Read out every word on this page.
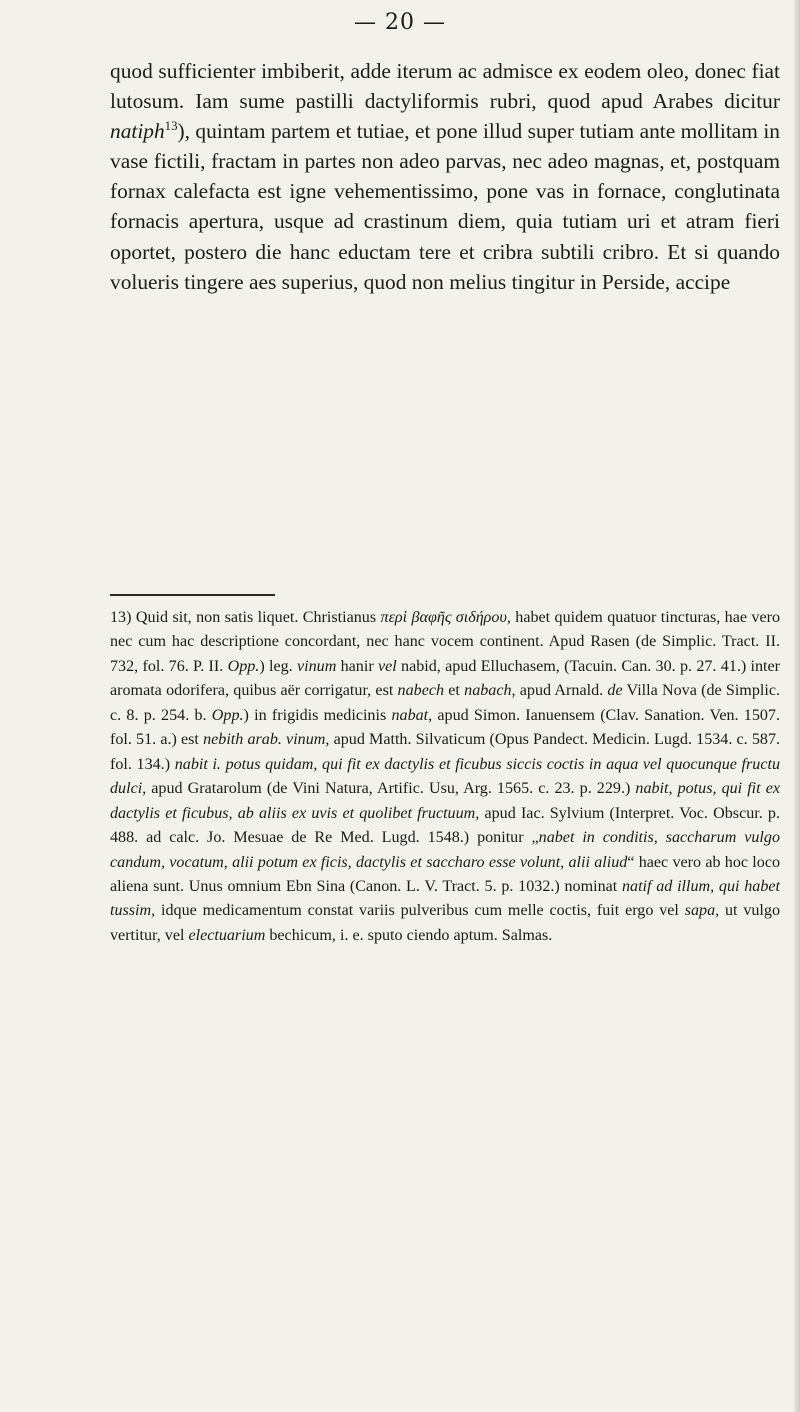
— 20 —
quod sufficienter imbiberit, adde iterum ac admisce ex eodem oleo, donec fiat lutosum. Iam sume pastilli dactyliformis rubri, quod apud Arabes dicitur natiph$^{13}$), quintam partem et tutiae, et pone illud super tutiam ante mollitam in vase fictili, fractam in partes non adeo parvas, nec adeo magnas, et, postquam fornax calefacta est igne vehementissimo, pone vas in fornace, conglutinata fornacis apertura, usque ad crastinum diem, quia tutiam uri et atram fieri oportet, postero die hanc eductam tere et cribra subtili cribro. Et si quando volueris tingere aes superius, quod non melius tingitur in Perside, accipe
13) Quid sit, non satis liquet. Christianus περὶ βαφῆς σιδήρου, habet quidem quatuor tincturas, hae vero nec cum hac descriptione concordant, nec hanc vocem continent. Apud Rasen (de Simplic. Tract. II. 732, fol. 76. P. II. Opp.) leg. vinum hanir vel nabid, apud Elluchasem, (Tacuin. Can. 30. p. 27. 41.) inter aromata odorifera, quibus aër corrigatur, est nabech et nabach, apud Arnald. de Villa Nova (de Simplic. c. 8. p. 254. b. Opp.) in frigidis medicinis nabat, apud Simon. Ianuensem (Clav. Sanation. Ven. 1507. fol. 51. a.) est nebith arab. vinum, apud Matth. Silvaticum (Opus Pandect. Medicin. Lugd. 1534. c. 587. fol. 134.) nabit i. potus quidam, qui fit ex dactylis et ficubus siccis coctis in aqua vel quocunque fructu dulci, apud Gratarolum (de Vini Natura, Artific. Usu, Arg. 1565. c. 23. p. 229.) nabit, potus, qui fit ex dactylis et ficubus, ab aliis ex uvis et quolibet fructuum, apud Iac. Sylvium (Interpret. Voc. Obscur. p. 488. ad calc. Jo. Mesuae de Re Med. Lugd. 1548.) ponitur „nabet in conditis, saccharum vulgo candum, vocatum, alii potum ex ficis, dactylis et saccharo esse volunt, alii aliud“ haec vero ab hoc loco aliena sunt. Unus omnium Ebn Sina (Canon. L. V. Tract. 5. p. 1032.) nominat natif ad illum, qui habet tussim, idque medicamentum constat variis pulveribus cum melle coctis, fuit ergo vel sapa, ut vulgo vertitur, vel electuarium bechicum, i. e. sputo ciendo aptum. Salmas.
